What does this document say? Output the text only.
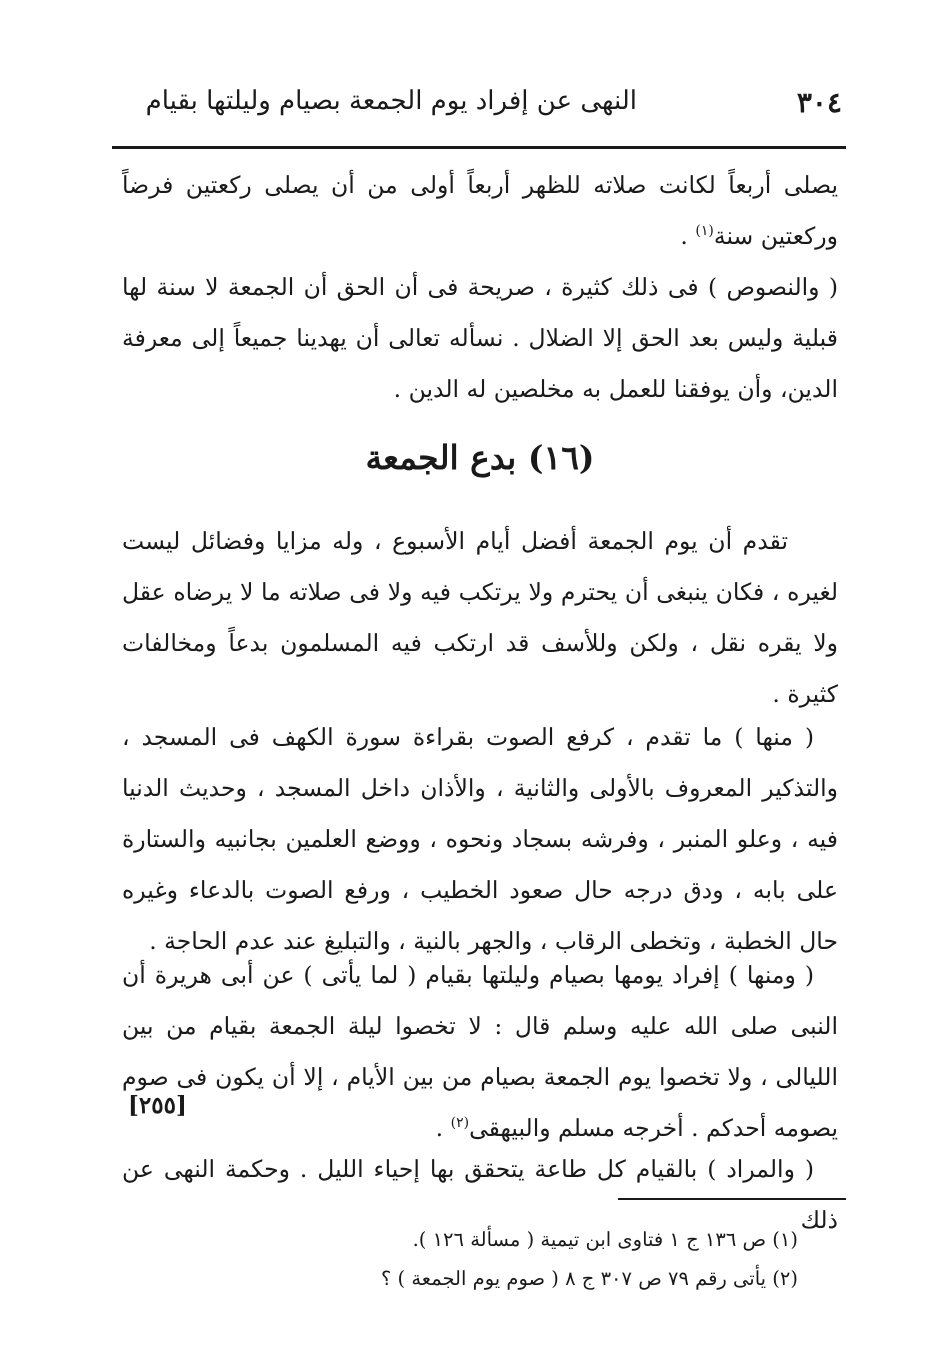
٣٠٤
النهى عن إفراد يوم الجمعة بصيام وليلتها بقيام
يصلى أربعاً لكانت صلاته للظهر أربعاً أولى من أن يصلى ركعتين فرضاً وركعتين سنة$^{(١)}$ .
( والنصوص ) فى ذلك كثيرة ، صريحة فى أن الحق أن الجمعة لا سنة لها قبلية وليس بعد الحق إلا الضلال . نسأله تعالى أن يهدينا جميعاً إلى معرفة الدين، وأن يوفقنا للعمل به مخلصين له الدين .
(١٦) بدع الجمعة
تقدم أن يوم الجمعة أفضل أيام الأسبوع ، وله مزايا وفضائل ليست لغيره ، فكان ينبغى أن يحترم ولا يرتكب فيه ولا فى صلاته ما لا يرضاه عقل ولا يقره نقل ، ولكن وللأسف قد ارتكب فيه المسلمون بدعاً ومخالفات كثيرة .
( منها ) ما تقدم ، كرفع الصوت بقراءة سورة الكهف فى المسجد ، والتذكير المعروف بالأولى والثانية ، والأذان داخل المسجد ، وحديث الدنيا فيه ، وعلو المنبر ، وفرشه بسجاد ونحوه ، ووضع العلمين بجانبيه والستارة على بابه ، ودق درجه حال صعود الخطيب ، ورفع الصوت بالدعاء وغيره حال الخطبة ، وتخطى الرقاب ، والجهر بالنية ، والتبليغ عند عدم الحاجة .
( ومنها ) إفراد يومها بصيام وليلتها بقيام ( لما يأتى ) عن أبى هريرة أن النبى صلى الله عليه وسلم قال : لا تخصوا ليلة الجمعة بقيام من بين الليالى ، ولا تخصوا يوم الجمعة بصيام من بين الأيام ، إلا أن يكون فى صوم يصومه أحدكم . أخرجه مسلم والبيهقى$^{(٢)}$ .
[٢٥٥]
( والمراد ) بالقيام كل طاعة يتحقق بها إحياء الليل . وحكمة النهى عن ذلك
(١) ص ١٣٦ ج ١ فتاوى ابن تيمية ( مسألة ١٢٦ ).
(٢) يأتى رقم ٧٩ ص ٣٠٧ ج ٨ ( صوم يوم الجمعة ) ؟
